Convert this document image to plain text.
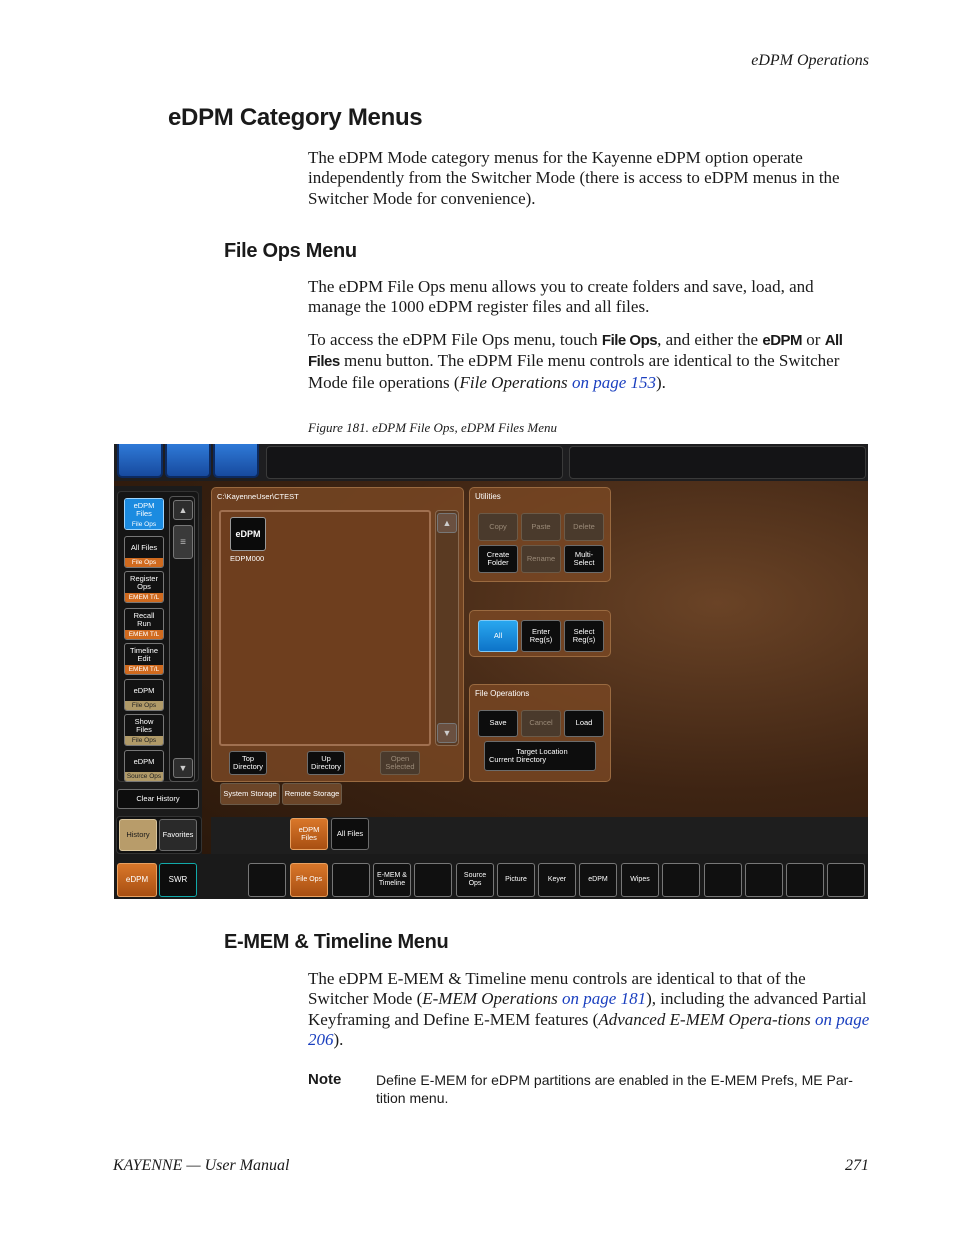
eDPM Operations
eDPM Category Menus

The eDPM Mode category menus for the Kayenne eDPM option operate independently from the Switcher Mode (there is access to eDPM menus in the Switcher Mode for convenience).

File Ops Menu

The eDPM File Ops menu allows you to create folders and save, load, and manage the 1000 eDPM register files and all files.

To access the eDPM File Ops menu, touch File Ops, and either the eDPM or All Files menu button. The eDPM File menu controls are identical to the Switcher Mode file operations (File Operations on page 153).

Figure 181. eDPM File Ops, eDPM Files Menu
eDPM Files
File Ops
All Files
File Ops
Register Ops
EMEM T/L
Recall Run
EMEM T/L
Timeline Edit
EMEM T/L
eDPM
File Ops
Show Files
File Ops
eDPM
Source Ops
▲
≡
▼
Clear History
History	Favorites
C:\KayenneUser\CTEST
eDPM
EDPM000
▲
▼
Top Directory
Up Directory
Open Selected
System Storage	Remote Storage
Utilities
Copy	Paste	Delete
Create Folder	Rename	Multi-Select
All	Enter Reg(s)
Select Reg(s)
File Operations
Save	Cancel	Load
Target Location
Current Directory
eDPM Files	All Files
eDPM	SWR	File Ops
E-MEM & Timeline
Source Ops
Picture	Keyer	eDPM	Wipes
E-MEM & Timeline Menu

The eDPM E-MEM & Timeline menu controls are identical to that of the Switcher Mode (E-MEM Operations on page 181), including the advanced Partial Keyframing and Define E-MEM features (Advanced E-MEM Opera-tions on page 206).

Note Define E-MEM for eDPM partitions are enabled in the E-MEM Prefs, ME Par-tition menu.
KAYENNE — User Manual	271
